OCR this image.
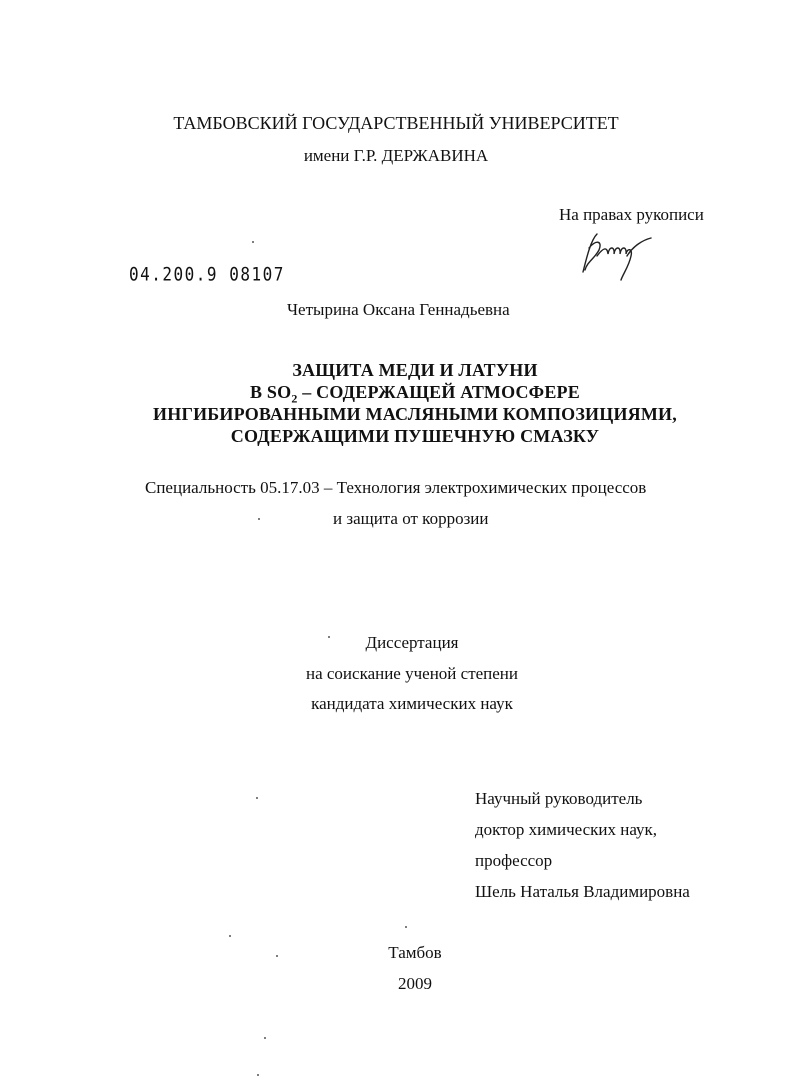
ТАМБОВСКИЙ ГОСУДАРСТВЕННЫЙ УНИВЕРСИТЕТ
имени Г.Р. ДЕРЖАВИНА
На правах рукописи
04.200.9 08107
Четырина Оксана Геннадьевна
ЗАЩИТА МЕДИ И ЛАТУНИ
В $SO_2$ – СОДЕРЖАЩЕЙ АТМОСФЕРЕ
ИНГИБИРОВАННЫМИ МАСЛЯНЫМИ КОМПОЗИЦИЯМИ,
СОДЕРЖАЩИМИ ПУШЕЧНУЮ СМАЗКУ
Специальность 05.17.03 – Технология электрохимических процессов
и защита от коррозии
Диссертация
на соискание ученой степени
кандидата химических наук
Научный руководитель
доктор химических наук,
профессор
Шель Наталья Владимировна
Тамбов
2009
